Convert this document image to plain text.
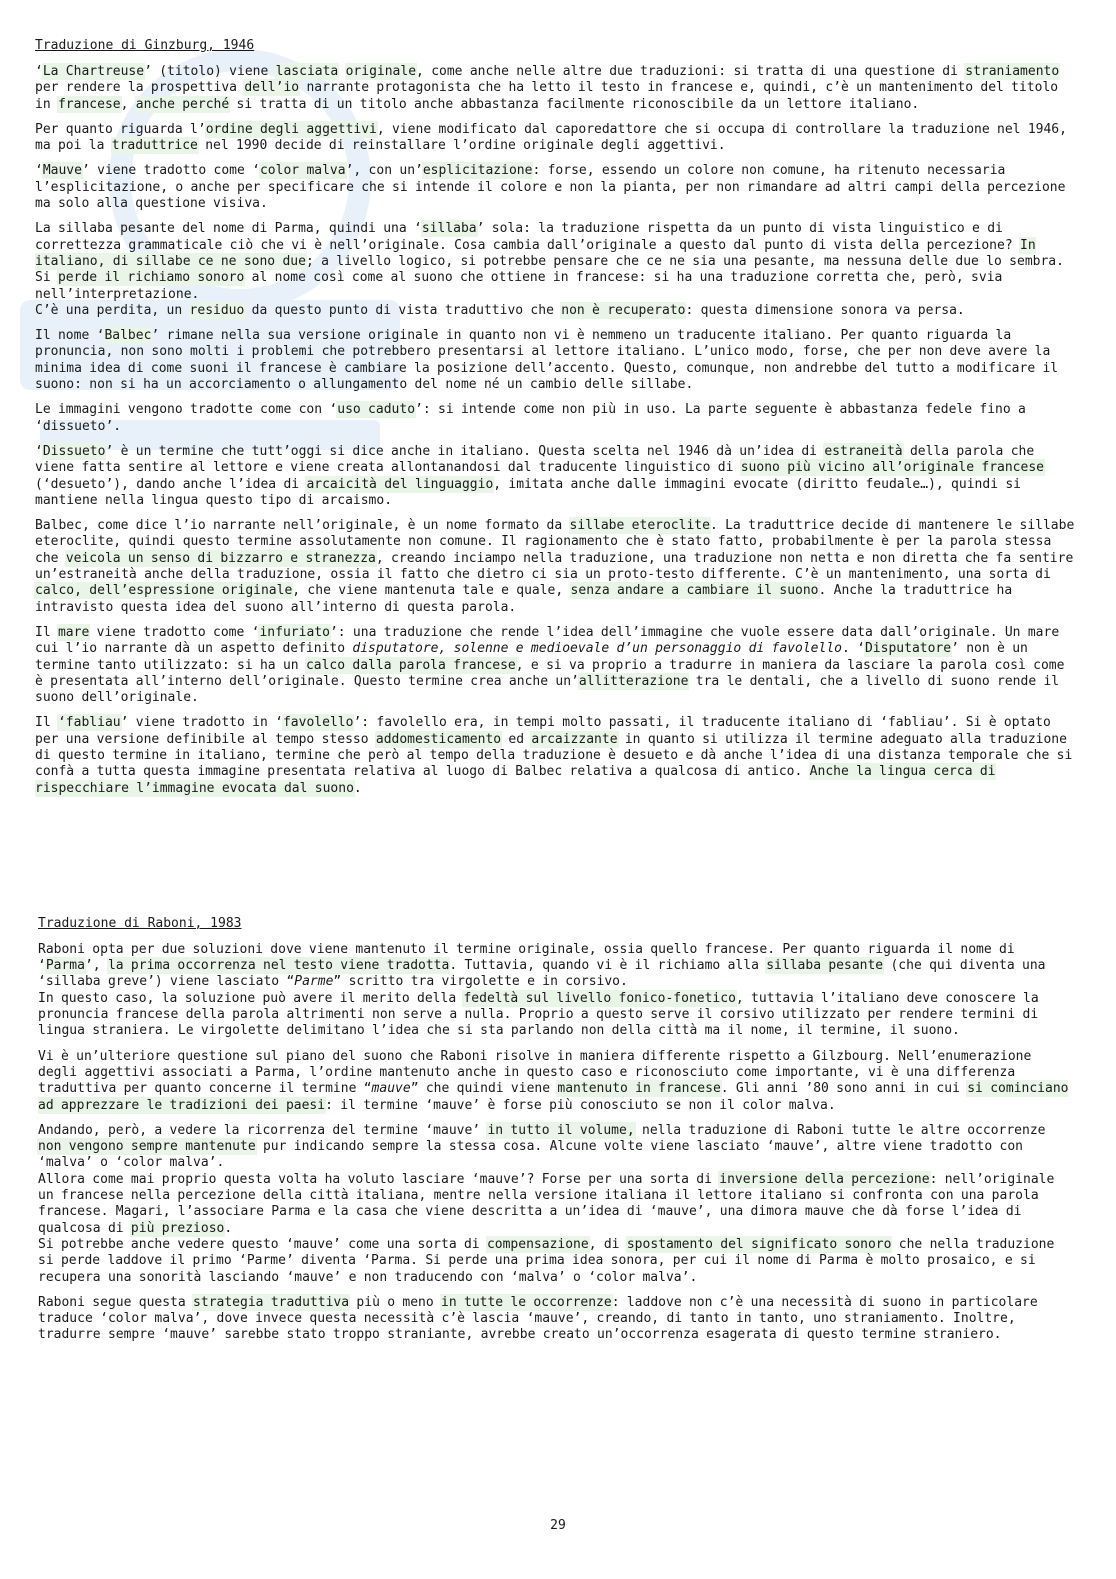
Traduzione di Ginzburg, 1946

‘La Chartreuse’ (titolo) viene lasciata originale, come anche nelle altre due traduzioni: si tratta di una questione di straniamento per rendere la prospettiva dell’io narrante protagonista che ha letto il testo in francese e, quindi, c’è un mantenimento del titolo in francese, anche perché si tratta di un titolo anche abbastanza facilmente riconoscibile da un lettore italiano.

Per quanto riguarda l’ordine degli aggettivi, viene modificato dal caporedattore che si occupa di controllare la traduzione nel 1946, ma poi la traduttrice nel 1990 decide di reinstallare l’ordine originale degli aggettivi.

‘Mauve’ viene tradotto come ‘color malva’, con un’esplicitazione: forse, essendo un colore non comune, ha ritenuto necessaria l’esplicitazione, o anche per specificare che si intende il colore e non la pianta, per non rimandare ad altri campi della percezione ma solo alla questione visiva.

La sillaba pesante del nome di Parma, quindi una ‘sillaba’ sola: la traduzione rispetta da un punto di vista linguistico e di correttezza grammaticale ciò che vi è nell’originale. Cosa cambia dall’originale a questo dal punto di vista della percezione? In italiano, di sillabe ce ne sono due; a livello logico, si potrebbe pensare che ce ne sia una pesante, ma nessuna delle due lo sembra. Si perde il richiamo sonoro al nome così come al suono che ottiene in francese: si ha una traduzione corretta che, però, svia nell’interpretazione.

C’è una perdita, un residuo da questo punto di vista traduttivo che non è recuperato: questa dimensione sonora va persa.

Il nome ‘Balbec’ rimane nella sua versione originale in quanto non vi è nemmeno un traducente italiano. Per quanto riguarda la pronuncia, non sono molti i problemi che potrebbero presentarsi al lettore italiano. L’unico modo, forse, che per non deve avere la minima idea di come suoni il francese è cambiare la posizione dell’accento. Questo, comunque, non andrebbe del tutto a modificare il suono: non si ha un accorciamento o allungamento del nome né un cambio delle sillabe.

Le immagini vengono tradotte come con ‘uso caduto’: si intende come non più in uso. La parte seguente è abbastanza fedele fino a ‘dissueto’.

‘Dissueto’ è un termine che tutt’oggi si dice anche in italiano. Questa scelta nel 1946 dà un’idea di estraneità della parola che viene fatta sentire al lettore e viene creata allontanandosi dal traducente linguistico di suono più vicino all’originale francese (‘desueto’), dando anche l’idea di arcaicità del linguaggio, imitata anche dalle immagini evocate (diritto feudale…), quindi si mantiene nella lingua questo tipo di arcaismo.

Balbec, come dice l’io narrante nell’originale, è un nome formato da sillabe eteroclite. La traduttrice decide di mantenere le sillabe eteroclite, quindi questo termine assolutamente non comune. Il ragionamento che è stato fatto, probabilmente è per la parola stessa che veicola un senso di bizzarro e stranezza, creando inciampo nella traduzione, una traduzione non netta e non diretta che fa sentire un’estraneità anche della traduzione, ossia il fatto che dietro ci sia un proto-testo differente. C’è un mantenimento, una sorta di calco, dell’espressione originale, che viene mantenuta tale e quale, senza andare a cambiare il suono. Anche la traduttrice ha intravisto questa idea del suono all’interno di questa parola.

Il mare viene tradotto come ‘infuriato’: una traduzione che rende l’idea dell’immagine che vuole essere data dall’originale. Un mare cui l’io narrante dà un aspetto definito disputatore, solenne e medioevale d’un personaggio di favolello. ‘Disputatore’ non è un termine tanto utilizzato: si ha un calco dalla parola francese, e si va proprio a tradurre in maniera da lasciare la parola così come è presentata all’interno dell’originale. Questo termine crea anche un’allitterazione tra le dentali, che a livello di suono rende il suono dell’originale.

Il ‘fabliau’ viene tradotto in ‘favolello’: favolello era, in tempi molto passati, il traducente italiano di ‘fabliau’. Si è optato per una versione definibile al tempo stesso addomesticamento ed arcaizzante in quanto si utilizza il termine adeguato alla traduzione di questo termine in italiano, termine che però al tempo della traduzione è desueto e dà anche l’idea di una distanza temporale che si confà a tutta questa immagine presentata relativa al luogo di Balbec relativa a qualcosa di antico. Anche la lingua cerca di rispecchiare l’immagine evocata dal suono.

Traduzione di Raboni, 1983

Raboni opta per due soluzioni dove viene mantenuto il termine originale, ossia quello francese. Per quanto riguarda il nome di ‘Parma’, la prima occorrenza nel testo viene tradotta. Tuttavia, quando vi è il richiamo alla sillaba pesante (che qui diventa una ‘sillaba greve’) viene lasciato “Parme” scritto tra virgolette e in corsivo.

In questo caso, la soluzione può avere il merito della fedeltà sul livello fonico-fonetico, tuttavia l’italiano deve conoscere la pronuncia francese della parola altrimenti non serve a nulla. Proprio a questo serve il corsivo utilizzato per rendere termini di lingua straniera. Le virgolette delimitano l’idea che si sta parlando non della città ma il nome, il termine, il suono.

Vi è un’ulteriore questione sul piano del suono che Raboni risolve in maniera differente rispetto a Gilzbourg. Nell’enumerazione degli aggettivi associati a Parma, l’ordine mantenuto anche in questo caso e riconosciuto come importante, vi è una differenza traduttiva per quanto concerne il termine “mauve” che quindi viene mantenuto in francese. Gli anni ’80 sono anni in cui si cominciano ad apprezzare le tradizioni dei paesi: il termine ‘mauve’ è forse più conosciuto se non il color malva.

Andando, però, a vedere la ricorrenza del termine ‘mauve’ in tutto il volume, nella traduzione di Raboni tutte le altre occorrenze non vengono sempre mantenute pur indicando sempre la stessa cosa. Alcune volte viene lasciato ‘mauve’, altre viene tradotto con ‘malva’ o ‘color malva’.

Allora come mai proprio questa volta ha voluto lasciare ‘mauve’? Forse per una sorta di inversione della percezione: nell’originale un francese nella percezione della città italiana, mentre nella versione italiana il lettore italiano si confronta con una parola francese. Magari, l’associare Parma e la casa che viene descritta a un’idea di ‘mauve’, una dimora mauve che dà forse l’idea di qualcosa di più prezioso.

Si potrebbe anche vedere questo ‘mauve’ come una sorta di compensazione, di spostamento del significato sonoro che nella traduzione si perde laddove il primo ‘Parme’ diventa ‘Parma. Si perde una prima idea sonora, per cui il nome di Parma è molto prosaico, e si recupera una sonorità lasciando ‘mauve’ e non traducendo con ‘malva’ o ‘color malva’.

Raboni segue questa strategia traduttiva più o meno in tutte le occorrenze: laddove non c’è una necessità di suono in particolare traduce ‘color malva’, dove invece questa necessità c’è lascia ‘mauve’, creando, di tanto in tanto, uno straniamento. Inoltre, tradurre sempre ‘mauve’ sarebbe stato troppo straniante, avrebbe creato un’occorrenza esagerata di questo termine straniero.

29
